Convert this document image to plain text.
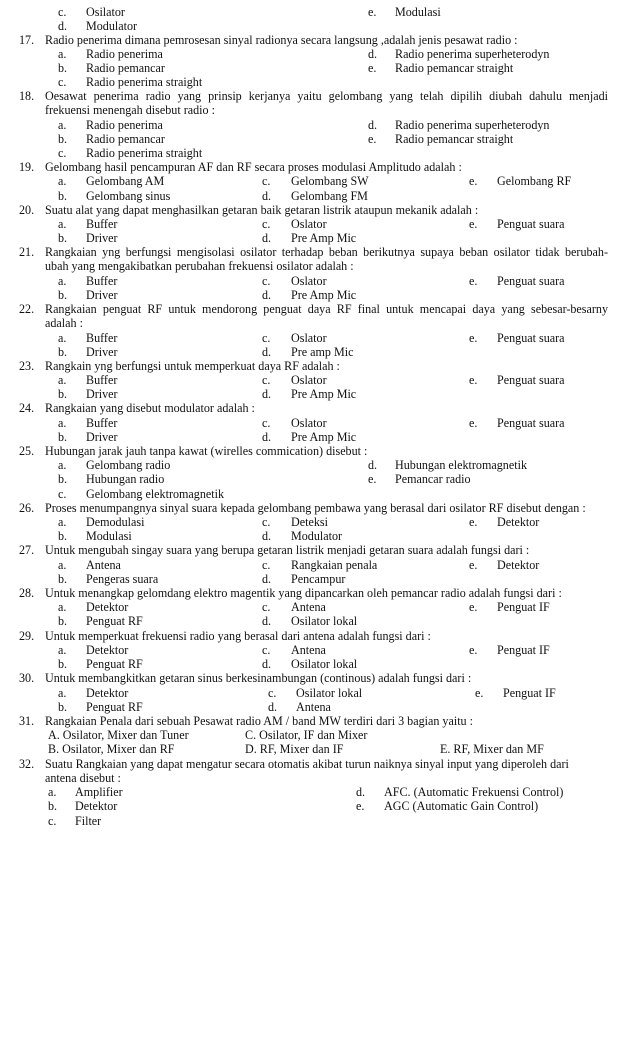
c. Osilator	e. Modulasi
d. Modulator
17. Radio penerima dimana pemrosesan sinyal radionya secara langsung ,adalah jenis pesawat radio :
a. Radio penerima	d. Radio penerima superheterodyn
b. Radio pemancar	e. Radio pemancar straight
c. Radio penerima straight
18. Oesawat penerima radio yang prinsip kerjanya yaitu gelombang yang telah dipilih diubah dahulu menjadi
frekuensi menengah disebut radio :
a. Radio penerima	d. Radio penerima superheterodyn
b. Radio pemancar	e. Radio pemancar straight
c. Radio penerima straight
19. Gelombang hasil pencampuran AF dan RF secara proses modulasi Amplitudo adalah :
a. Gelombang AM	c. Gelombang SW	e. Gelombang RF
b. Gelombang sinus	d. Gelombang FM
20. Suatu alat yang dapat menghasilkan getaran baik getaran listrik ataupun mekanik adalah :
a. Buffer	c. Oslator	e. Penguat suara
b. Driver	d. Pre Amp Mic
21. Rangkaian yng berfungsi mengisolasi osilator terhadap beban berikutnya supaya beban osilator tidak berubah-
ubah yang mengakibatkan perubahan frekuensi osilator adalah :
a. Buffer	c. Oslator	e. Penguat suara
b. Driver	d. Pre Amp Mic
22. Rangkaian penguat RF untuk mendorong penguat daya RF final untuk mencapai daya yang sebesar-besarny
adalah :
a. Buffer	c. Oslator	e. Penguat suara
b. Driver	d. Pre amp Mic
23. Rangkain yng berfungsi untuk memperkuat daya RF adalah :
a. Buffer	c. Oslator	e. Penguat suara
b. Driver	d. Pre Amp Mic
24. Rangkaian yang disebut modulator adalah :
a. Buffer	c. Oslator	e. Penguat suara
b. Driver	d. Pre Amp Mic
25. Hubungan jarak jauh tanpa kawat (wirelles commication) disebut :
a. Gelombang radio	d. Hubungan elektromagnetik
b. Hubungan radio	e. Pemancar radio
c. Gelombang elektromagnetik
26. Proses menumpangnya sinyal suara kepada gelombang pembawa yang berasal dari osilator RF disebut dengan :
a. Demodulasi	c. Deteksi	e. Detektor
b. Modulasi	d. Modulator
27. Untuk mengubah singay suara yang berupa getaran listrik menjadi getaran suara adalah fungsi dari :
a. Antena	c. Rangkaian penala	e. Detektor
b. Pengeras suara	d. Pencampur
28. Untuk menangkap gelomdang elektro magentik yang dipancarkan oleh pemancar radio adalah fungsi dari :
a. Detektor	c. Antena	e. Penguat IF
b. Penguat RF	d. Osilator lokal
29. Untuk memperkuat frekuensi radio yang berasal dari antena adalah fungsi dari :
a. Detektor	c. Antena	e. Penguat IF
b. Penguat RF	d. Osilator lokal
30. Untuk membangkitkan getaran sinus berkesinambungan (continous) adalah fungsi dari :
a. Detektor	c. Osilator lokal	e. Penguat IF
b. Penguat RF	d. Antena
31. Rangkaian Penala dari sebuah Pesawat radio AM / band MW terdiri dari 3 bagian yaitu :
A. Osilator, Mixer dan Tuner	C. Osilator, IF dan Mixer
B. Osilator, Mixer dan RF	D. RF, Mixer dan IF	E. RF, Mixer dan MF
32. Suatu Rangkaian yang dapat mengatur secara otomatis akibat turun naiknya sinyal input yang diperoleh dari
antena disebut :
a. Amplifier	d. AFC. (Automatic Frekuensi Control)
b. Detektor	e. AGC (Automatic Gain Control)
c. Filter
